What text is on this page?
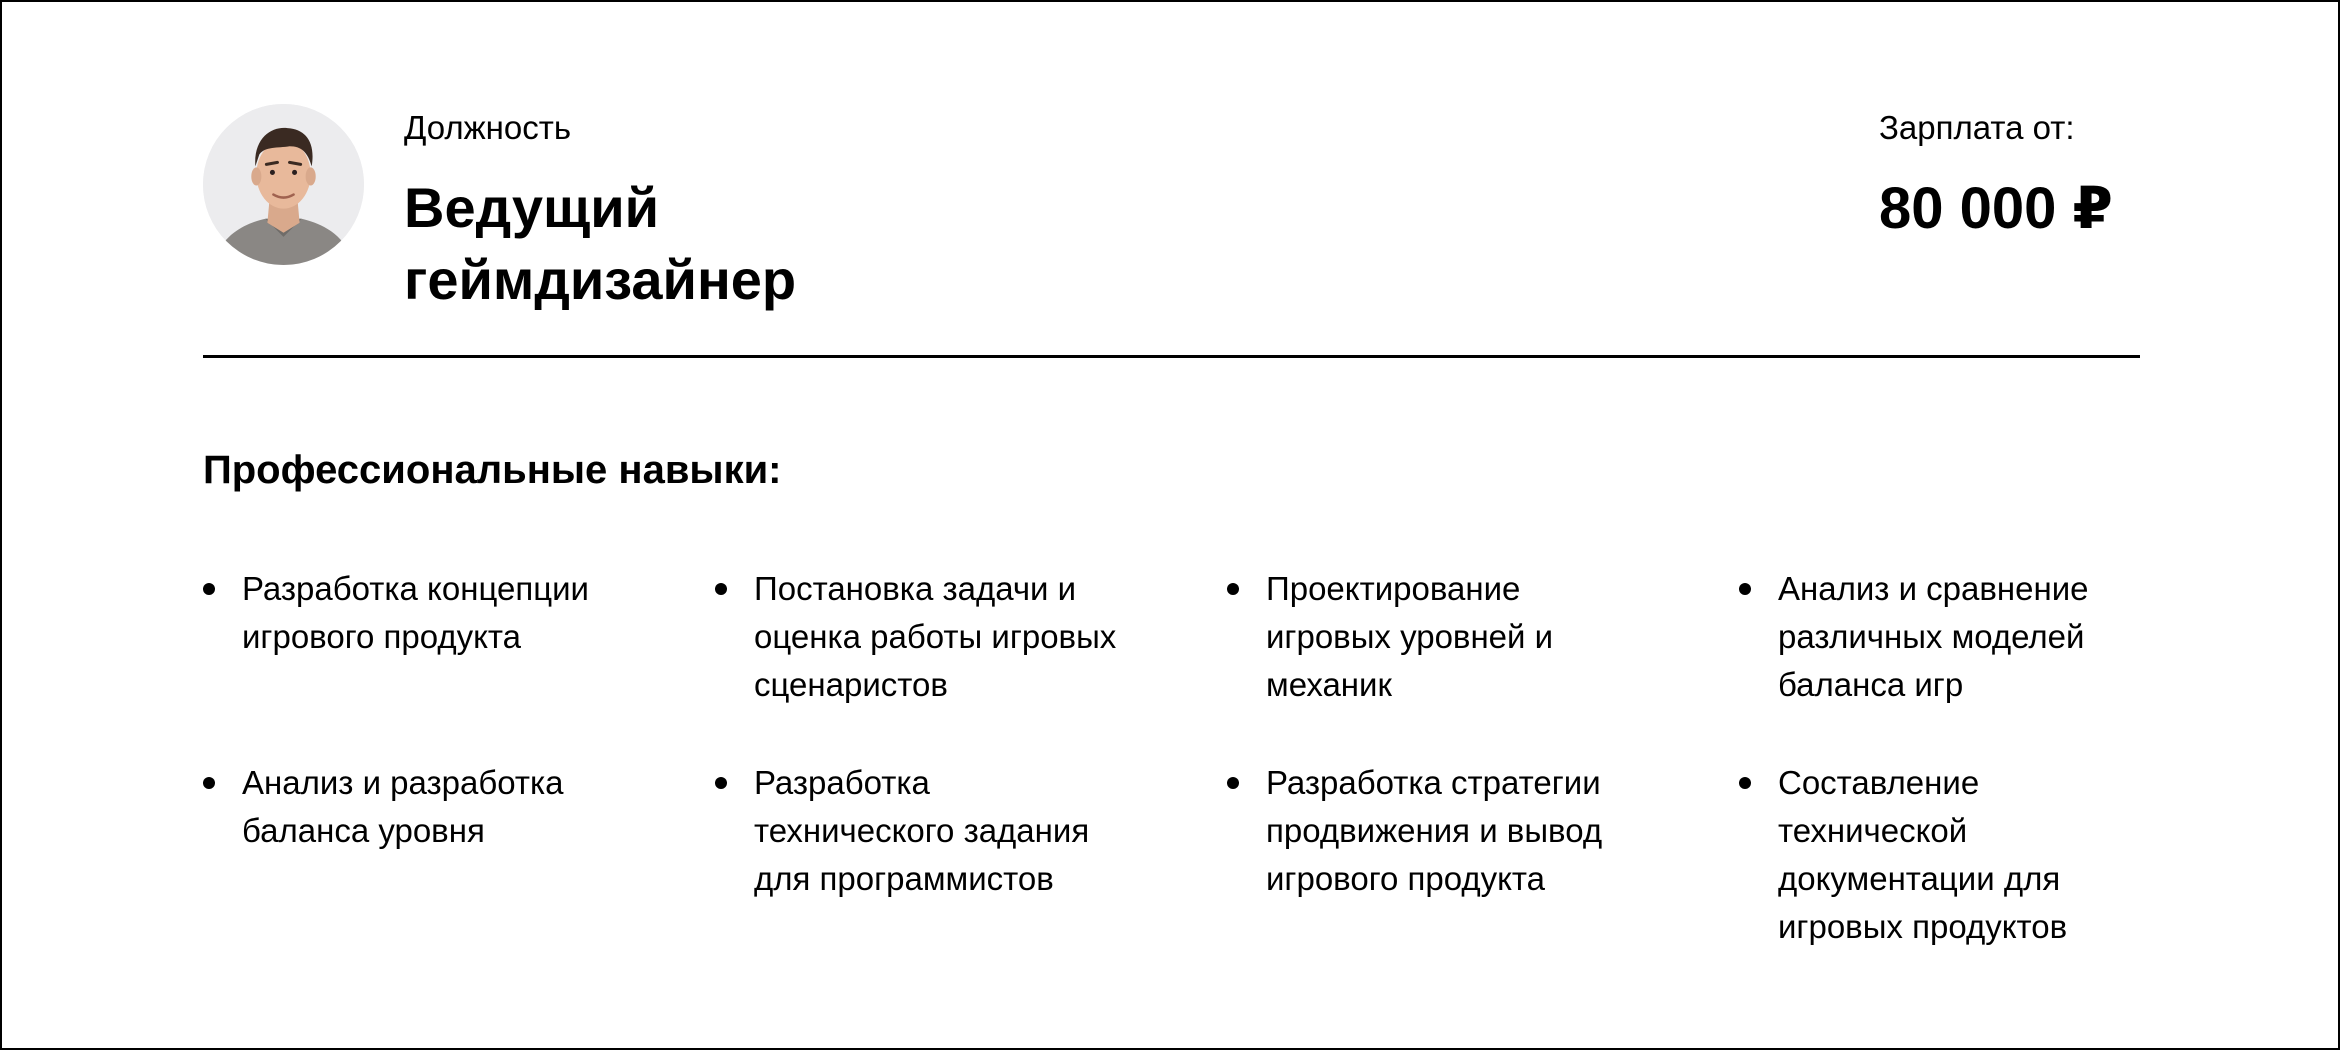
Должность
Ведущий геймдизайнер
Зарплата от:
80 000 ₽
Профессиональные навыки:
Разработка концепции игрового продукта
Постановка задачи и оценка работы игровых сценаристов
Проектирование игровых уровней и механик
Анализ и сравнение различных моделей баланса игр
Анализ и разработка баланса уровня
Разработка технического задания для программистов
Разработка стратегии продвижения и вывод игрового продукта
Составление технической документации для игровых продуктов
